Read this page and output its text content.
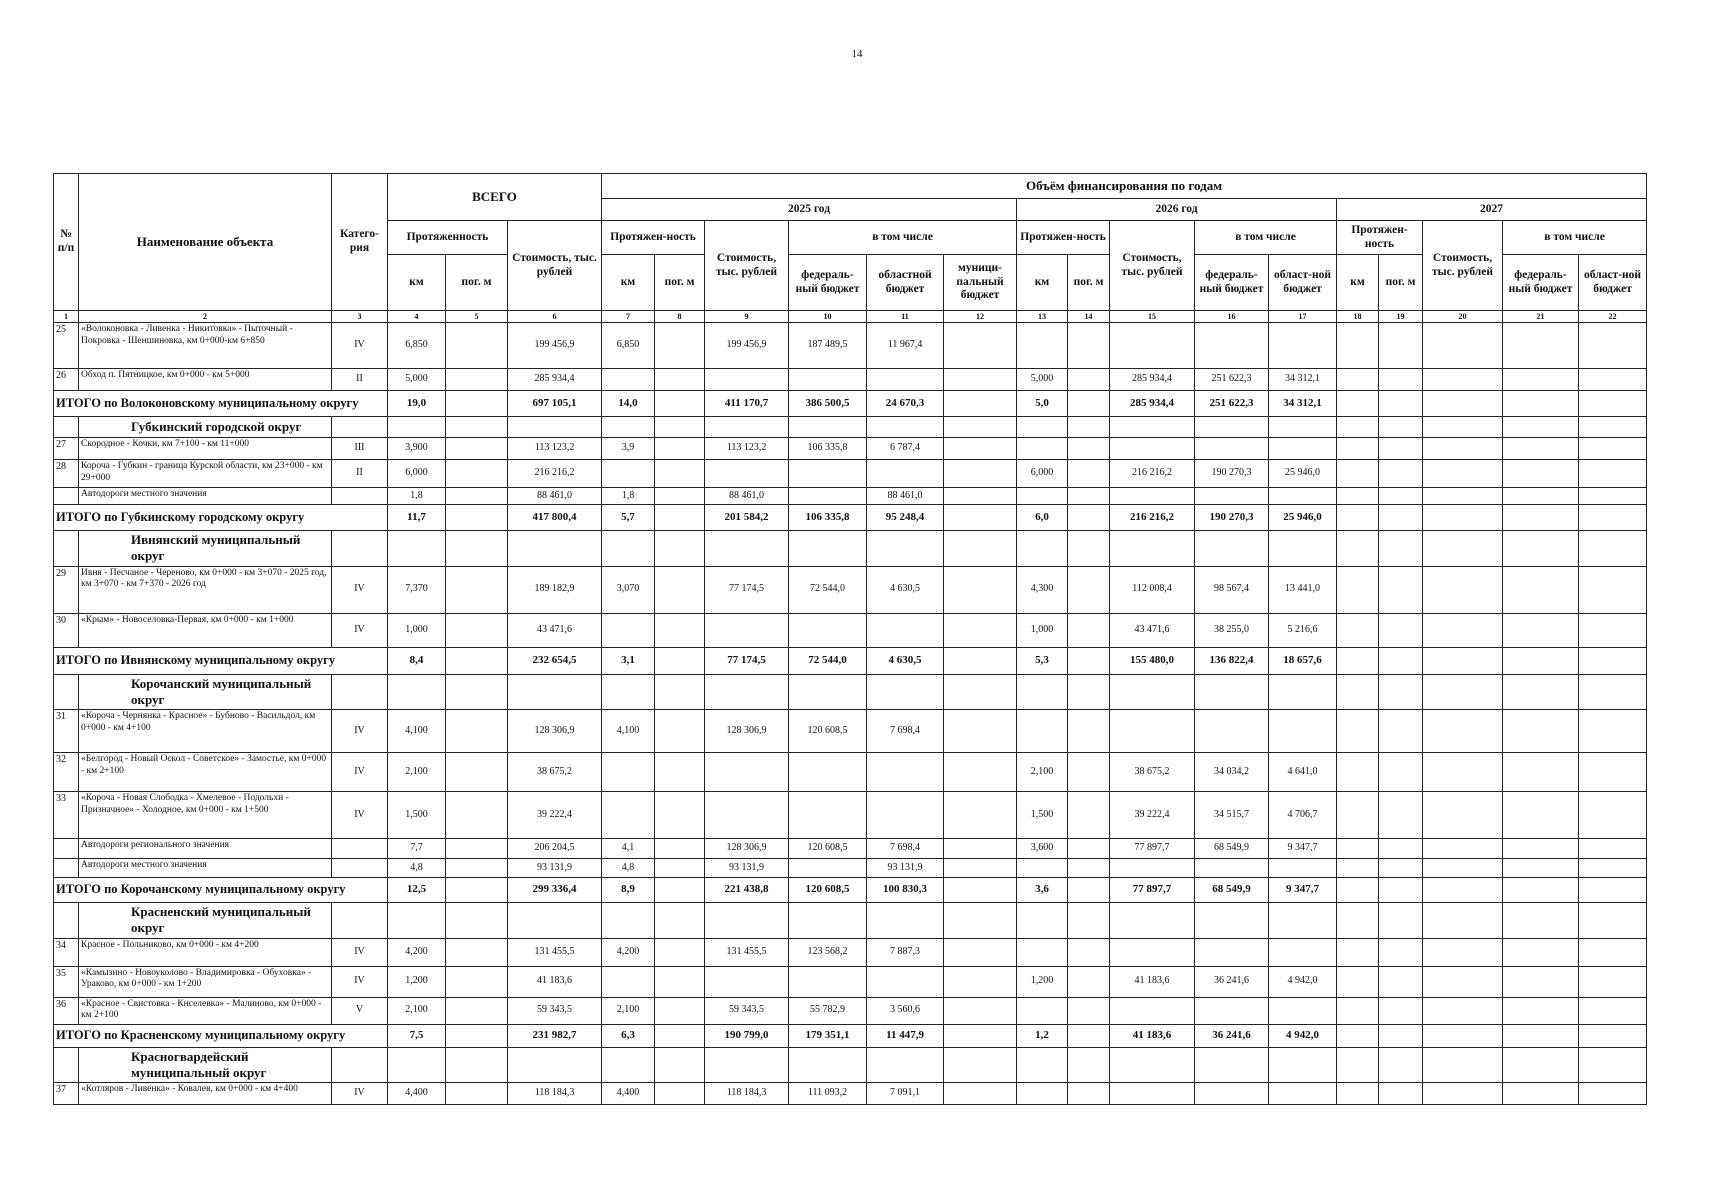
14
№ п/п	Наименование объекта	Катего-рия	ВСЕГО			Объём финансирования по годам															
						2025 год						2026 год					2027				
			Протяженность		Стоимость, тыс. рублей	Протяжен-ность		Стоимость, тыс. рублей	в том числе			Протяжен-ность		Стоимость, тыс. рублей	в том числе		Протяжен-ность		Стоимость, тыс. рублей	в том числе	
			км	пог. м		км	пог. м		федераль-ный бюджет	областной бюджет	муници-пальный бюджет	км	пог. м		федераль-ный бюджет	област-ной бюджет	км	пог. м		федераль-ный бюджет	област-ной бюджет
1	2	3	4	5	6	7	8	9	10	11	12	13	14	15	16	17	18	19	20	21	22
25	«Волоконовка - Ливенка - Никитовка» - Пыточный - Покровка - Шеншиновка, км 0+000-км 6+850	IV	6,850		199 456,9	6,850		199 456,9	187 489,5	11 967,4											
26	Обход п. Пятницкое, км 0+000 - км 5+000	II	5,000		285 934,4							5,000		285 934,4	251 622,3	34 312,1					
ИТОГО по Волоконовскому муниципальному округу			19,0		697 105,1	14,0		411 170,7	386 500,5	24 670,3		5,0		285 934,4	251 622,3	34 312,1					
	Губкинский городской округ																				
27	Скородное - Кочки, км 7+100 - км 11+000	III	3,900		113 123,2	3,9		113 123,2	106 335,8	6 787,4											
28	Короча - Губкин - граница Курской области, км 23+000 - км 29+000	II	6,000		216 216,2							6,000		216 216,2	190 270,3	25 946,0					
	Автодороги местного значения		1,8		88 461,0	1,8		88 461,0		88 461,0											
ИТОГО по Губкинскому городскому округу			11,7		417 800,4	5,7		201 584,2	106 335,8	95 248,4		6,0		216 216,2	190 270,3	25 946,0					
	Ивнянский муниципальный округ																				
29	Ивня - Песчаное - Череново, км 0+000 - км 3+070 - 2025 год, км 3+070 - км 7+370 - 2026 год	IV	7,370		189 182,9	3,070		77 174,5	72 544,0	4 630,5		4,300		112 008,4	98 567,4	13 441,0					
30	«Крым» - Новоселовка-Первая, км 0+000 - км 1+000	IV	1,000		43 471,6							1,000		43 471,6	38 255,0	5 216,6					
ИТОГО по Ивнянскому муниципальному округу			8,4		232 654,5	3,1		77 174,5	72 544,0	4 630,5		5,3		155 480,0	136 822,4	18 657,6					
	Корочанский муниципальный округ																				
31	«Короча - Чернянка - Красное» - Бубново - Васильдол, км 0+000 - км 4+100	IV	4,100		128 306,9	4,100		128 306,9	120 608,5	7 698,4											
32	«Белгород - Новый Оскол - Советское» - Замостье, км 0+000 - км 2+100	IV	2,100		38 675,2							2,100		38 675,2	34 034,2	4 641,0					
33	«Короча - Новая Слободка - Хмелевое - Подольхи - Призначное» - Холодное, км 0+000 - км 1+500	IV	1,500		39 222,4							1,500		39 222,4	34 515,7	4 706,7					
	Автодороги регионального значения		7,7		206 204,5	4,1		128 306,9	120 608,5	7 698,4		3,600		77 897,7	68 549,9	9 347,7					
	Автодороги местного значения		4,8		93 131,9	4,8		93 131,9		93 131,9											
ИТОГО по Корочанскому муниципальному округу			12,5		299 336,4	8,9		221 438,8	120 608,5	100 830,3		3,6		77 897,7	68 549,9	9 347,7					
	Красненский муниципальный округ																				
34	Красное - Польниково, км 0+000 - км 4+200	IV	4,200		131 455,5	4,200		131 455,5	123 568,2	7 887,3											
35	«Камызино - Новоуколово - Владимировка - Обуховка» - Ураково, км 0+000 - км 1+200	IV	1,200		41 183,6							1,200		41 183,6	36 241,6	4 942,0					
36	«Красное - Свистовка - Кнселевка» - Малиново, км 0+000 - км 2+100	V	2,100		59 343,5	2,100		59 343,5	55 782,9	3 560,6											
ИТОГО по Красненскому муниципальному округу			7,5		231 982,7	6,3		190 799,0	179 351,1	11 447,9		1,2		41 183,6	36 241,6	4 942,0					
	Красногвардейский муниципальный округ																				
37	«Котляров - Ливенка» - Ковалев, км 0+000 - км 4+400	IV	4,400		118 184,3	4,400		118 184,3	111 093,2	7 091,1											
